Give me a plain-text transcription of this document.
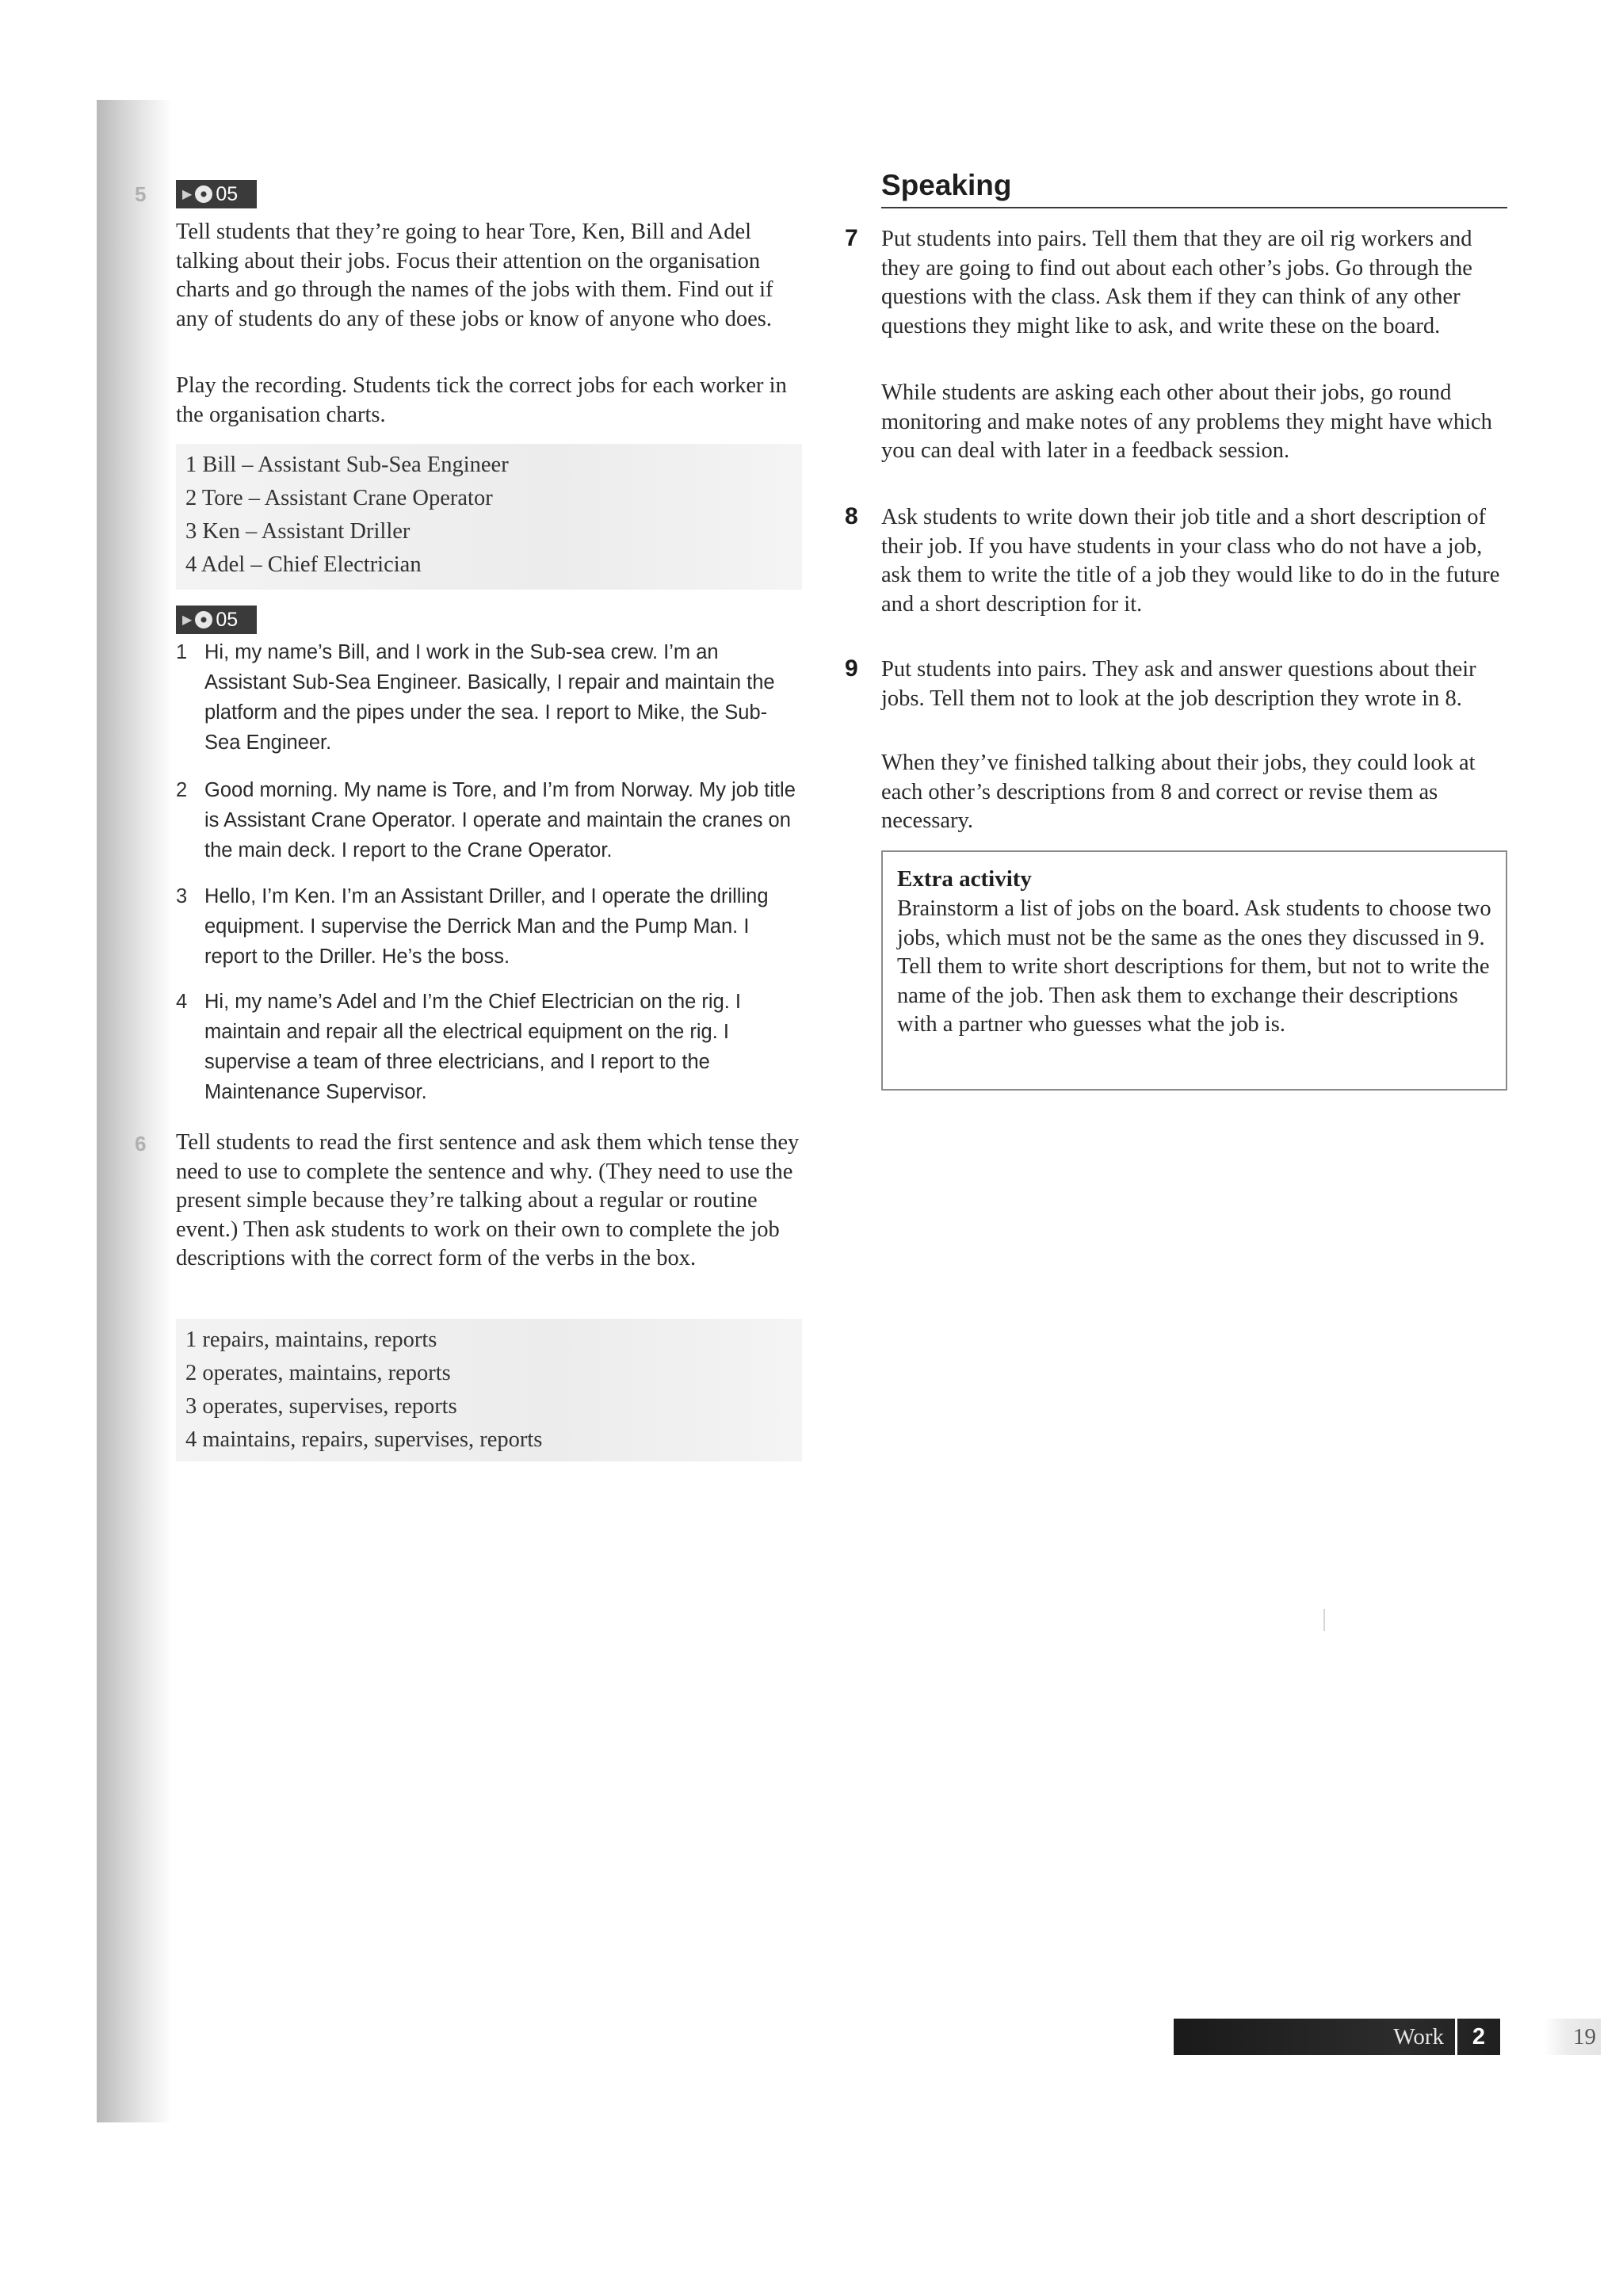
5	▶ 05
Tell students that they’re going to hear Tore, Ken, Bill and Adel talking about their jobs. Focus their attention on the organisation charts and go through the names of the jobs with them. Find out if any of students do any of these jobs or know of anyone who does.
Play the recording. Students tick the correct jobs for each worker in the organisation charts.
1 Bill – Assistant Sub-Sea Engineer
2 Tore – Assistant Crane Operator
3 Ken – Assistant Driller
4 Adel – Chief Electrician
▶ 05
1 Hi, my name’s Bill, and I work in the Sub-sea crew. I’m an Assistant Sub-Sea Engineer. Basically, I repair and maintain the platform and the pipes under the sea. I report to Mike, the Sub-Sea Engineer.
2 Good morning. My name is Tore, and I’m from Norway. My job title is Assistant Crane Operator. I operate and maintain the cranes on the main deck. I report to the Crane Operator.
3 Hello, I’m Ken. I’m an Assistant Driller, and I operate the drilling equipment. I supervise the Derrick Man and the Pump Man. I report to the Driller. He’s the boss.
4 Hi, my name’s Adel and I’m the Chief Electrician on the rig. I maintain and repair all the electrical equipment on the rig. I supervise a team of three electricians, and I report to the Maintenance Supervisor.
6 Tell students to read the first sentence and ask them which tense they need to use to complete the sentence and why. (They need to use the present simple because they’re talking about a regular or routine event.) Then ask students to work on their own to complete the job descriptions with the correct form of the verbs in the box.
1 repairs, maintains, reports
2 operates, maintains, reports
3 operates, supervises, reports
4 maintains, repairs, supervises, reports
Speaking
7 Put students into pairs. Tell them that they are oil rig workers and they are going to find out about each other’s jobs. Go through the questions with the class. Ask them if they can think of any other questions they might like to ask, and write these on the board.
While students are asking each other about their jobs, go round monitoring and make notes of any problems they might have which you can deal with later in a feedback session.
8 Ask students to write down their job title and a short description of their job. If you have students in your class who do not have a job, ask them to write the title of a job they would like to do in the future and a short description for it.
9 Put students into pairs. They ask and answer questions about their jobs. Tell them not to look at the job description they wrote in 8.
When they’ve finished talking about their jobs, they could look at each other’s descriptions from 8 and correct or revise them as necessary.
Extra activity
Brainstorm a list of jobs on the board. Ask students to choose two jobs, which must not be the same as the ones they discussed in 9. Tell them to write short descriptions for them, but not to write the name of the job. Then ask them to exchange their descriptions with a partner who guesses what the job is.
Work	2	19
